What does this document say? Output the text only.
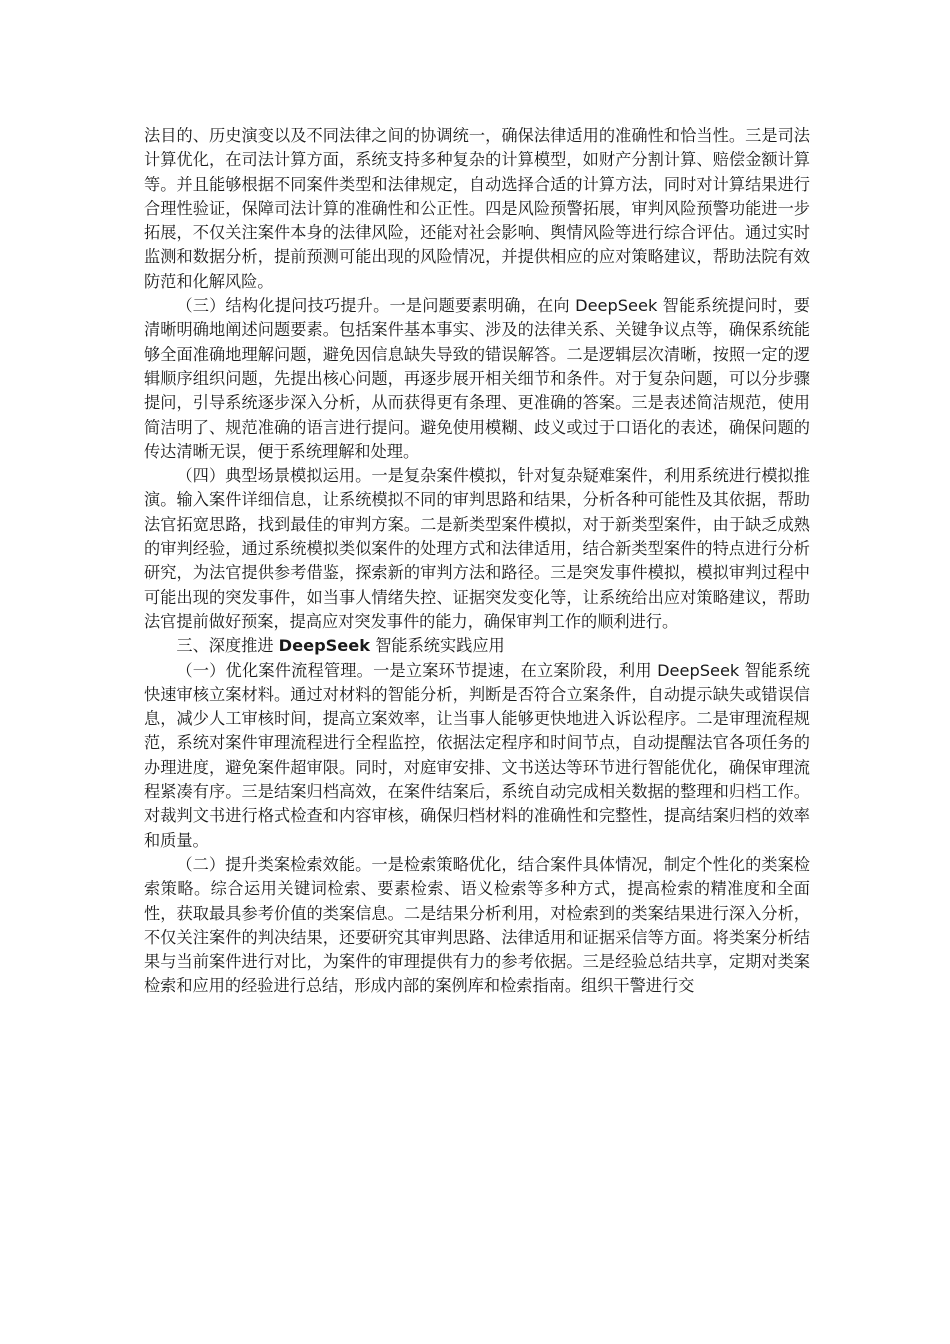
法目的、历史演变以及不同法律之间的协调统一，确保法律适用的准确性和恰当性。三是司法计算优化，在司法计算方面，系统支持多种复杂的计算模型，如财产分割计算、赔偿金额计算等。并且能够根据不同案件类型和法律规定，自动选择合适的计算方法，同时对计算结果进行合理性验证，保障司法计算的准确性和公正性。四是风险预警拓展，审判风险预警功能进一步拓展，不仅关注案件本身的法律风险，还能对社会影响、舆情风险等进行综合评估。通过实时监测和数据分析，提前预测可能出现的风险情况，并提供相应的应对策略建议，帮助法院有效防范和化解风险。

（三）结构化提问技巧提升。一是问题要素明确，在向 DeepSeek 智能系统提问时，要清晰明确地阐述问题要素。包括案件基本事实、涉及的法律关系、关键争议点等，确保系统能够全面准确地理解问题，避免因信息缺失导致的错误解答。二是逻辑层次清晰，按照一定的逻辑顺序组织问题，先提出核心问题，再逐步展开相关细节和条件。对于复杂问题，可以分步骤提问，引导系统逐步深入分析，从而获得更有条理、更准确的答案。三是表述简洁规范，使用简洁明了、规范准确的语言进行提问。避免使用模糊、歧义或过于口语化的表述，确保问题的传达清晰无误，便于系统理解和处理。

（四）典型场景模拟运用。一是复杂案件模拟，针对复杂疑难案件，利用系统进行模拟推演。输入案件详细信息，让系统模拟不同的审判思路和结果，分析各种可能性及其依据，帮助法官拓宽思路，找到最佳的审判方案。二是新类型案件模拟，对于新类型案件，由于缺乏成熟的审判经验，通过系统模拟类似案件的处理方式和法律适用，结合新类型案件的特点进行分析研究，为法官提供参考借鉴，探索新的审判方法和路径。三是突发事件模拟，模拟审判过程中可能出现的突发事件，如当事人情绪失控、证据突发变化等，让系统给出应对策略建议，帮助法官提前做好预案，提高应对突发事件的能力，确保审判工作的顺利进行。

三、深度推进 DeepSeek 智能系统实践应用

（一）优化案件流程管理。一是立案环节提速，在立案阶段，利用 DeepSeek 智能系统快速审核立案材料。通过对材料的智能分析，判断是否符合立案条件，自动提示缺失或错误信息，减少人工审核时间，提高立案效率，让当事人能够更快地进入诉讼程序。二是审理流程规范，系统对案件审理流程进行全程监控，依据法定程序和时间节点，自动提醒法官各项任务的办理进度，避免案件超审限。同时，对庭审安排、文书送达等环节进行智能优化，确保审理流程紧凑有序。三是结案归档高效，在案件结案后，系统自动完成相关数据的整理和归档工作。对裁判文书进行格式检查和内容审核，确保归档材料的准确性和完整性，提高结案归档的效率和质量。

（二）提升类案检索效能。一是检索策略优化，结合案件具体情况，制定个性化的类案检索策略。综合运用关键词检索、要素检索、语义检索等多种方式，提高检索的精准度和全面性，获取最具参考价值的类案信息。二是结果分析利用，对检索到的类案结果进行深入分析，不仅关注案件的判决结果，还要研究其审判思路、法律适用和证据采信等方面。将类案分析结果与当前案件进行对比，为案件的审理提供有力的参考依据。三是经验总结共享，定期对类案检索和应用的经验进行总结，形成内部的案例库和检索指南。组织干警进行交
